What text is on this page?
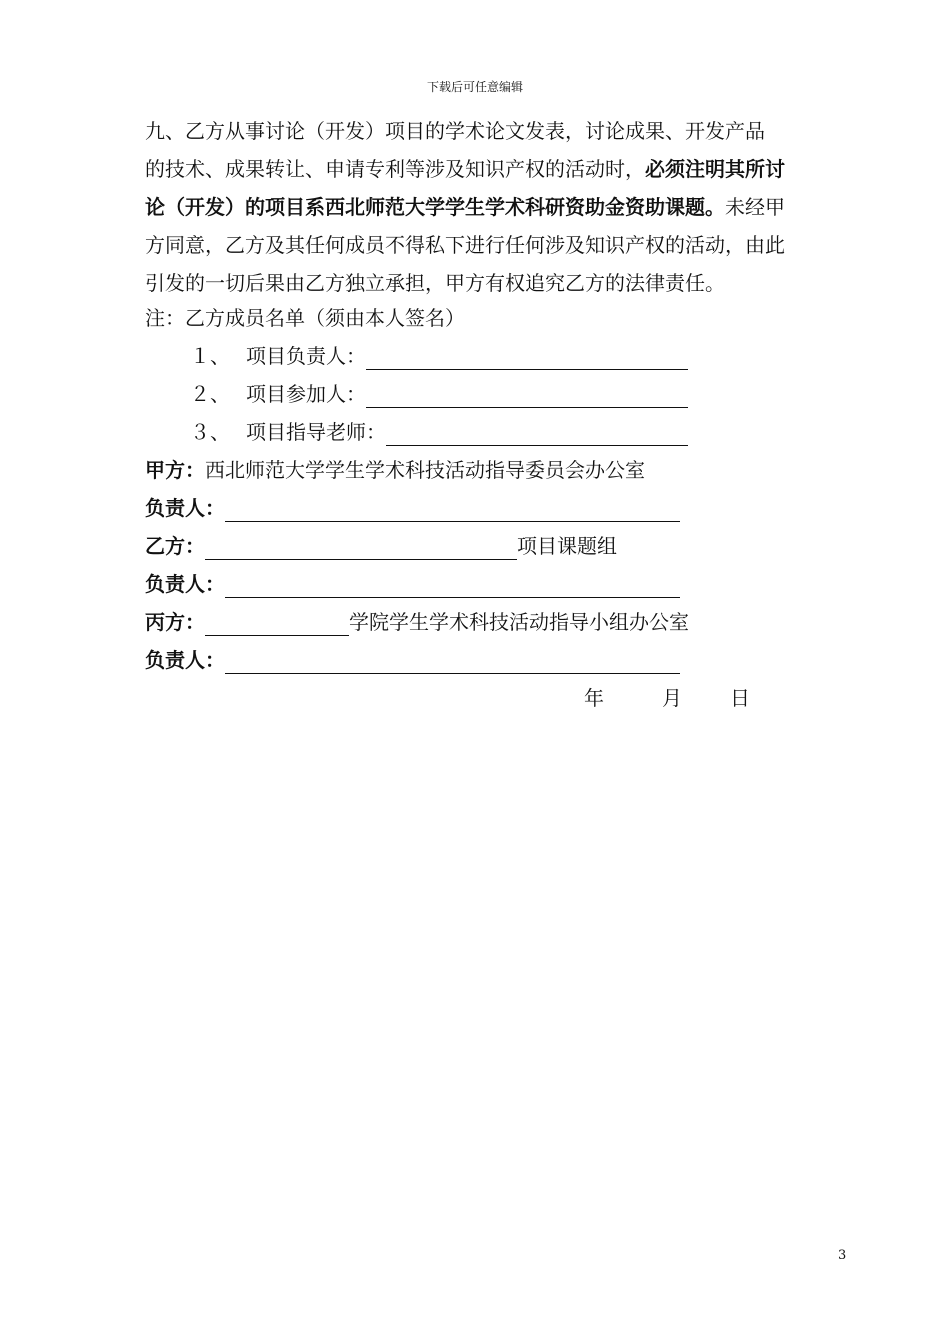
下载后可任意编辑
九、乙方从事讨论（开发）项目的学术论文发表，讨论成果、开发产品
的技术、成果转让、申请专利等涉及知识产权的活动时，必须注明其所讨
论（开发）的项目系西北师范大学学生学术科研资助金资助课题。未经甲
方同意，乙方及其任何成员不得私下进行任何涉及知识产权的活动，由此
引发的一切后果由乙方独立承担，甲方有权追究乙方的法律责任。
注：乙方成员名单（须由本人签名）
１、 项目负责人：
２、 项目参加人：
３、 项目指导老师：
甲方：西北师范大学学生学术科技活动指导委员会办公室
负责人：
乙方：	项目课题组
负责人：
丙方：	学院学生学术科技活动指导小组办公室
负责人：
年	月 日
3
